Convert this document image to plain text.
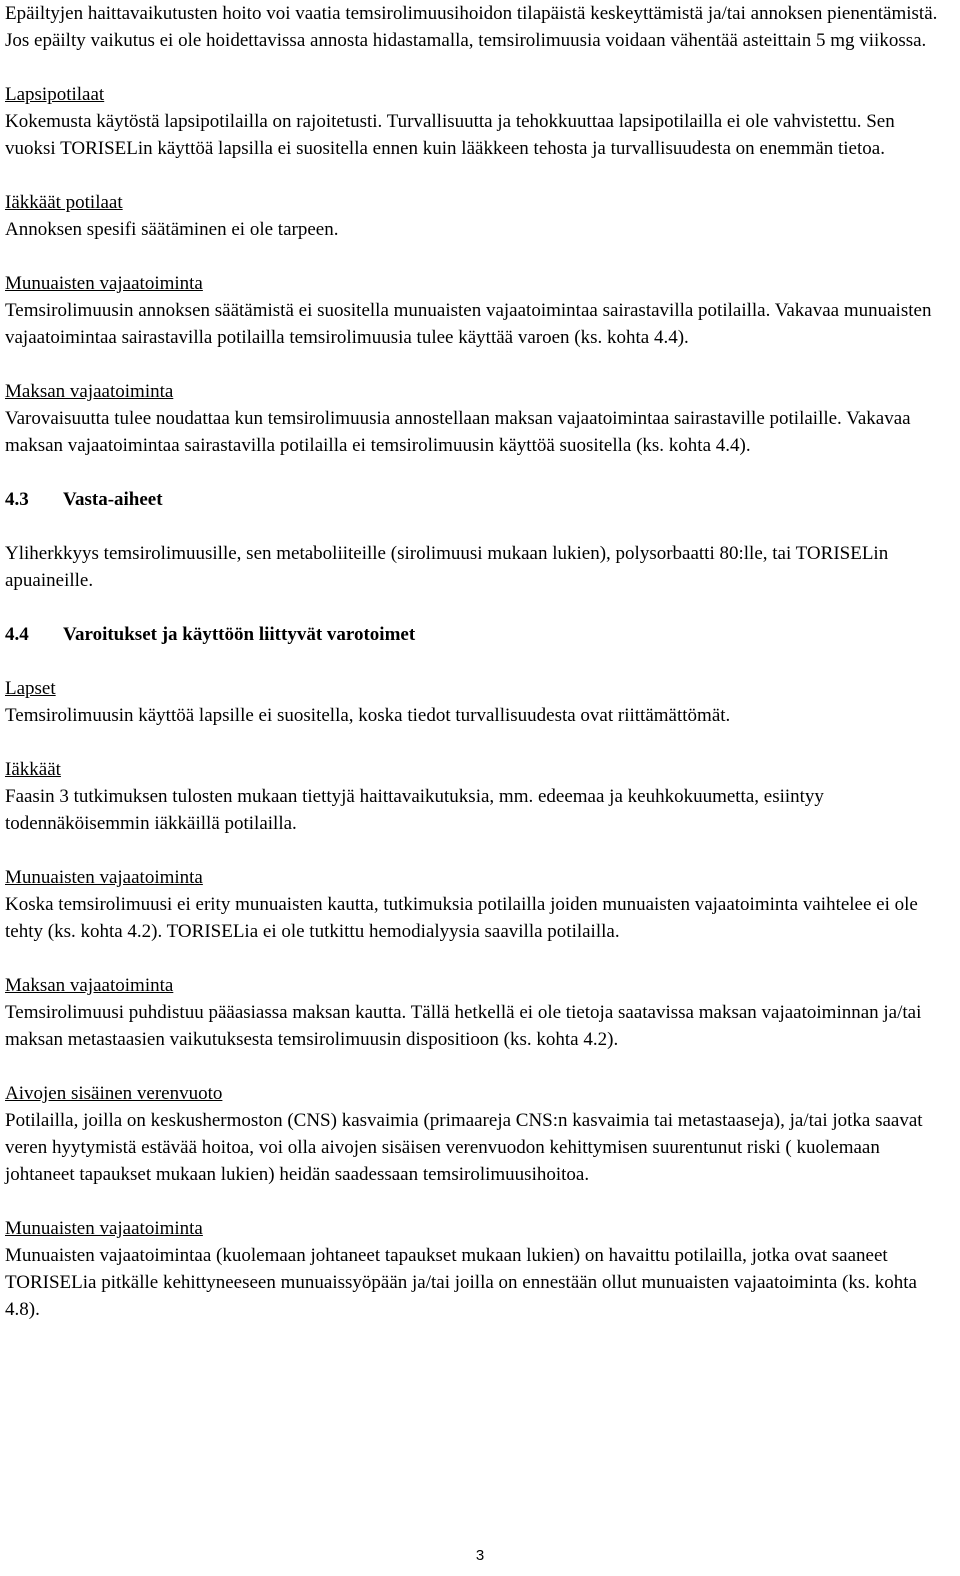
Epäiltyjen haittavaikutusten hoito voi vaatia temsirolimuusihoidon tilapäistä keskeyttämistä ja/tai annoksen pienentämistä. Jos epäilty vaikutus ei ole hoidettavissa annosta hidastamalla, temsirolimuusia voidaan vähentää asteittain 5 mg viikossa.

Lapsipotilaat

Kokemusta käytöstä lapsipotilailla on rajoitetusti. Turvallisuutta ja tehokkuuttaa lapsipotilailla ei ole vahvistettu. Sen vuoksi TORISELin käyttöä lapsilla ei suositella ennen kuin lääkkeen tehosta ja turvallisuudesta on enemmän tietoa.

Iäkkäät potilaat

Annoksen spesifi säätäminen ei ole tarpeen.

Munuaisten vajaatoiminta

Temsirolimuusin annoksen säätämistä ei suositella munuaisten vajaatoimintaa sairastavilla potilailla. Vakavaa munuaisten vajaatoimintaa sairastavilla potilailla temsirolimuusia tulee käyttää varoen (ks. kohta 4.4).

Maksan vajaatoiminta

Varovaisuutta tulee noudattaa kun temsirolimuusia annostellaan maksan vajaatoimintaa sairastaville potilaille. Vakavaa maksan vajaatoimintaa sairastavilla potilailla ei temsirolimuusin käyttöä suositella (ks. kohta 4.4).

4.3 Vasta-aiheet

Yliherkkyys temsirolimuusille, sen metaboliiteille (sirolimuusi mukaan lukien), polysorbaatti 80:lle, tai TORISELin apuaineille.

4.4 Varoitukset ja käyttöön liittyvät varotoimet

Lapset

Temsirolimuusin käyttöä lapsille ei suositella, koska tiedot turvallisuudesta ovat riittämättömät.

Iäkkäät

Faasin 3 tutkimuksen tulosten mukaan tiettyjä haittavaikutuksia, mm. edeemaa ja keuhkokuumetta, esiintyy todennäköisemmin iäkkäillä potilailla.

Munuaisten vajaatoiminta

Koska temsirolimuusi ei erity munuaisten kautta, tutkimuksia potilailla joiden munuaisten vajaatoiminta vaihtelee ei ole tehty (ks. kohta 4.2). TORISELia ei ole tutkittu hemodialyysia saavilla potilailla.

Maksan vajaatoiminta

Temsirolimuusi puhdistuu pääasiassa maksan kautta. Tällä hetkellä ei ole tietoja saatavissa maksan vajaatoiminnan ja/tai maksan metastaasien vaikutuksesta temsirolimuusin dispositioon (ks. kohta 4.2).

Aivojen sisäinen verenvuoto

Potilailla, joilla on keskushermoston (CNS) kasvaimia (primaareja CNS:n kasvaimia tai metastaaseja), ja/tai jotka saavat veren hyytymistä estävää hoitoa, voi olla aivojen sisäisen verenvuodon kehittymisen suurentunut riski ( kuolemaan johtaneet tapaukset mukaan lukien) heidän saadessaan temsirolimuusihoitoa.

Munuaisten vajaatoiminta

Munuaisten vajaatoimintaa (kuolemaan johtaneet tapaukset mukaan lukien) on havaittu potilailla, jotka ovat saaneet TORISELia pitkälle kehittyneeseen munuaissyöpään ja/tai joilla on ennestään ollut munuaisten vajaatoiminta (ks. kohta 4.8).

3
